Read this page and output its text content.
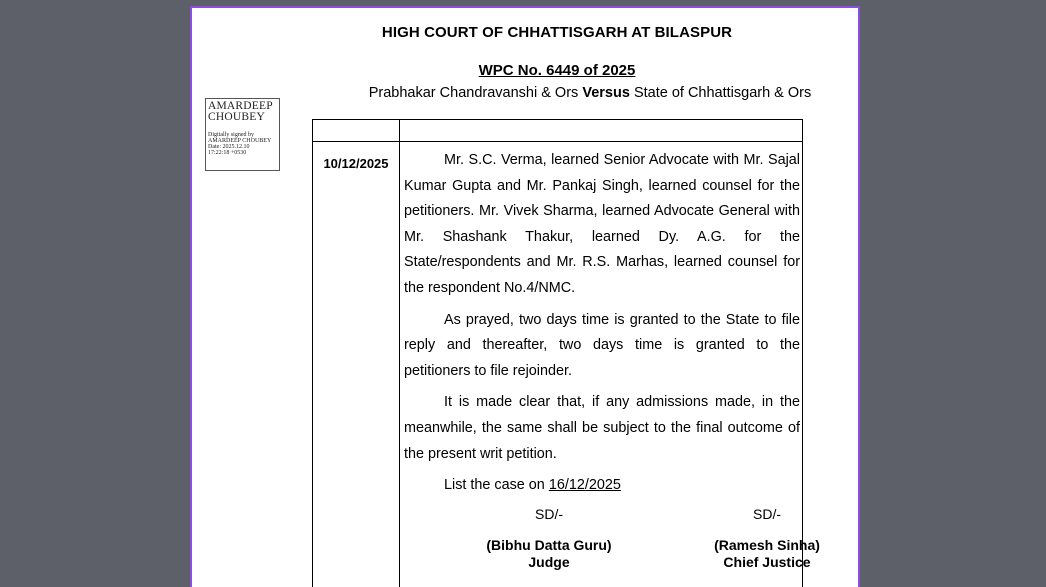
HIGH COURT OF CHHATTISGARH AT BILASPUR
WPC No. 6449 of 2025
Prabhakar Chandravanshi & Ors Versus State of Chhattisgarh & Ors
AMARDEEP
CHOUBEY
Digitally signed by
AMARDEEP CHOUBEY
Date: 2025.12.10
17:22:18 +0530
10/12/2025	Mr. S.C. Verma, learned Senior Advocate with Mr. Sajal Kumar Gupta and Mr. Pankaj Singh, learned counsel for the petitioners. Mr. Vivek Sharma, learned Advocate General with Mr. Shashank Thakur, learned Dy. A.G. for the State/respondents and Mr. R.S. Marhas, learned counsel for the respondent No.4/NMC.

As prayed, two days time is granted to the State to file reply and thereafter, two days time is granted to the petitioners to file rejoinder.

It is made clear that, if any admissions made, in the meanwhile, the same shall be subject to the final outcome of the present writ petition.

List the case on 16/12/2025

SD/-
(Bibhu Datta Guru)
Judge
SD/-
(Ramesh Sinha)
Chief Justice
